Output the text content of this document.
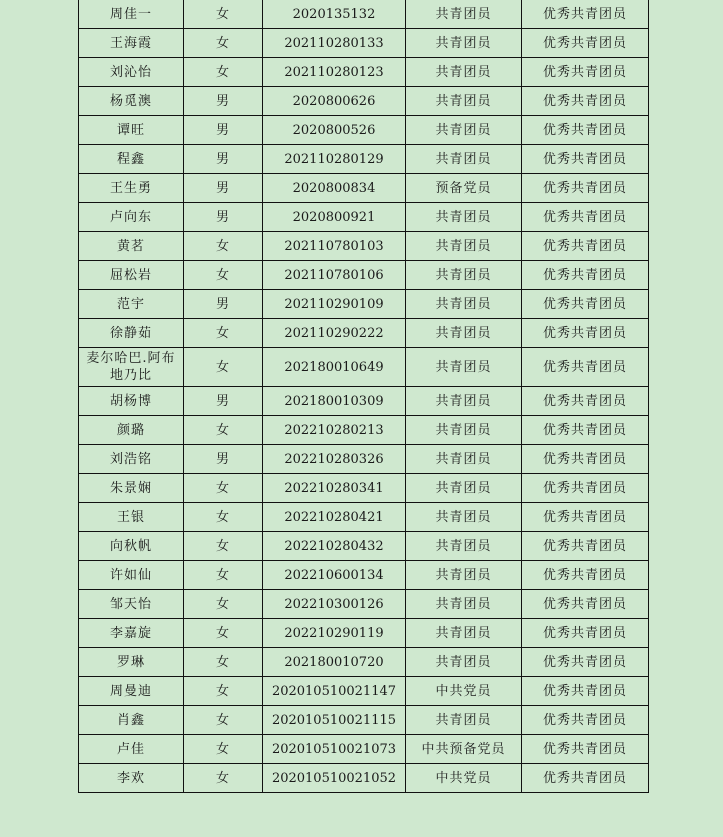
周佳一	女	2020135132	共青团员	优秀共青团员
王海霞	女	202110280133	共青团员	优秀共青团员
刘沁怡	女	202110280123	共青团员	优秀共青团员
杨觅澳	男	2020800626	共青团员	优秀共青团员
谭旺	男	2020800526	共青团员	优秀共青团员
程鑫	男	202110280129	共青团员	优秀共青团员
王生勇	男	2020800834	预备党员	优秀共青团员
卢向东	男	2020800921	共青团员	优秀共青团员
黄茗	女	202110780103	共青团员	优秀共青团员
屈松岩	女	202110780106	共青团员	优秀共青团员
范宇	男	202110290109	共青团员	优秀共青团员
徐静茹	女	202110290222	共青团员	优秀共青团员
麦尔哈巴.阿布地乃比	女	202180010649	共青团员	优秀共青团员
胡杨博	男	202180010309	共青团员	优秀共青团员
颜璐	女	202210280213	共青团员	优秀共青团员
刘浩铭	男	202210280326	共青团员	优秀共青团员
朱景娴	女	202210280341	共青团员	优秀共青团员
王银	女	202210280421	共青团员	优秀共青团员
向秋帆	女	202210280432	共青团员	优秀共青团员
许如仙	女	202210600134	共青团员	优秀共青团员
邹天怡	女	202210300126	共青团员	优秀共青团员
李嘉旋	女	202210290119	共青团员	优秀共青团员
罗琳	女	202180010720	共青团员	优秀共青团员
周曼迪	女	202010510021147	中共党员	优秀共青团员
肖鑫	女	202010510021115	共青团员	优秀共青团员
卢佳	女	202010510021073	中共预备党员	优秀共青团员
李欢	女	202010510021052	中共党员	优秀共青团员
